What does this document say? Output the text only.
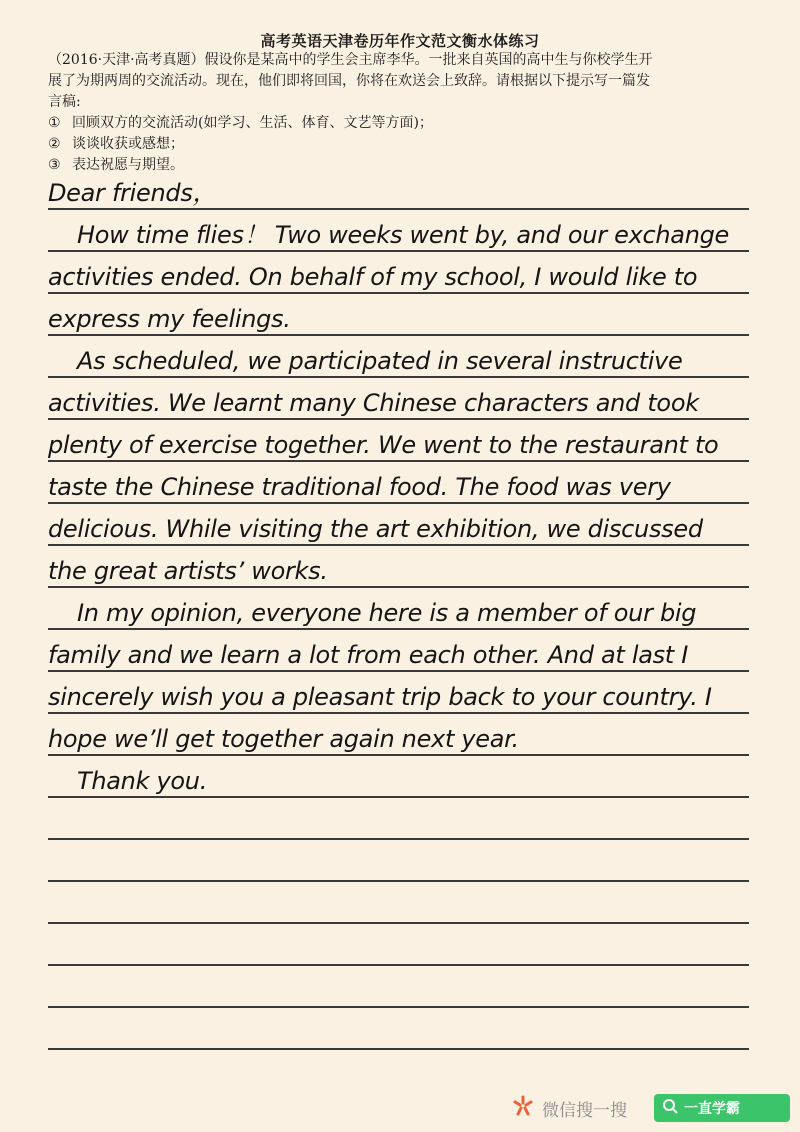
高考英语天津卷历年作文范文衡水体练习

（2016·天津·高考真题）假设你是某高中的学生会主席李华。一批来自英国的高中生与你校学生开

展了为期两周的交流活动。现在，他们即将回国，你将在欢送会上致辞。请根据以下提示写一篇发

言稿:

① 回顾双方的交流活动(如学习、生活、体育、文艺等方面)；
② 谈谈收获或感想；
③ 表达祝愿与期望。
Dear friends，
How time flies！ Two weeks went by, and our exchange
activities ended. On behalf of my school, I would like to
express my feelings.
As scheduled, we participated in several instructive
activities. We learnt many Chinese characters and took
plenty of exercise together. We went to the restaurant to
taste the Chinese traditional food. The food was very
delicious. While visiting the art exhibition, we discussed
the great artists’ works.
In my opinion, everyone here is a member of our big
family and we learn a lot from each other. And at last I
sincerely wish you a pleasant trip back to your country. I
hope we’ll get together again next year.
Thank you.
微信搜一搜	一直学霸
